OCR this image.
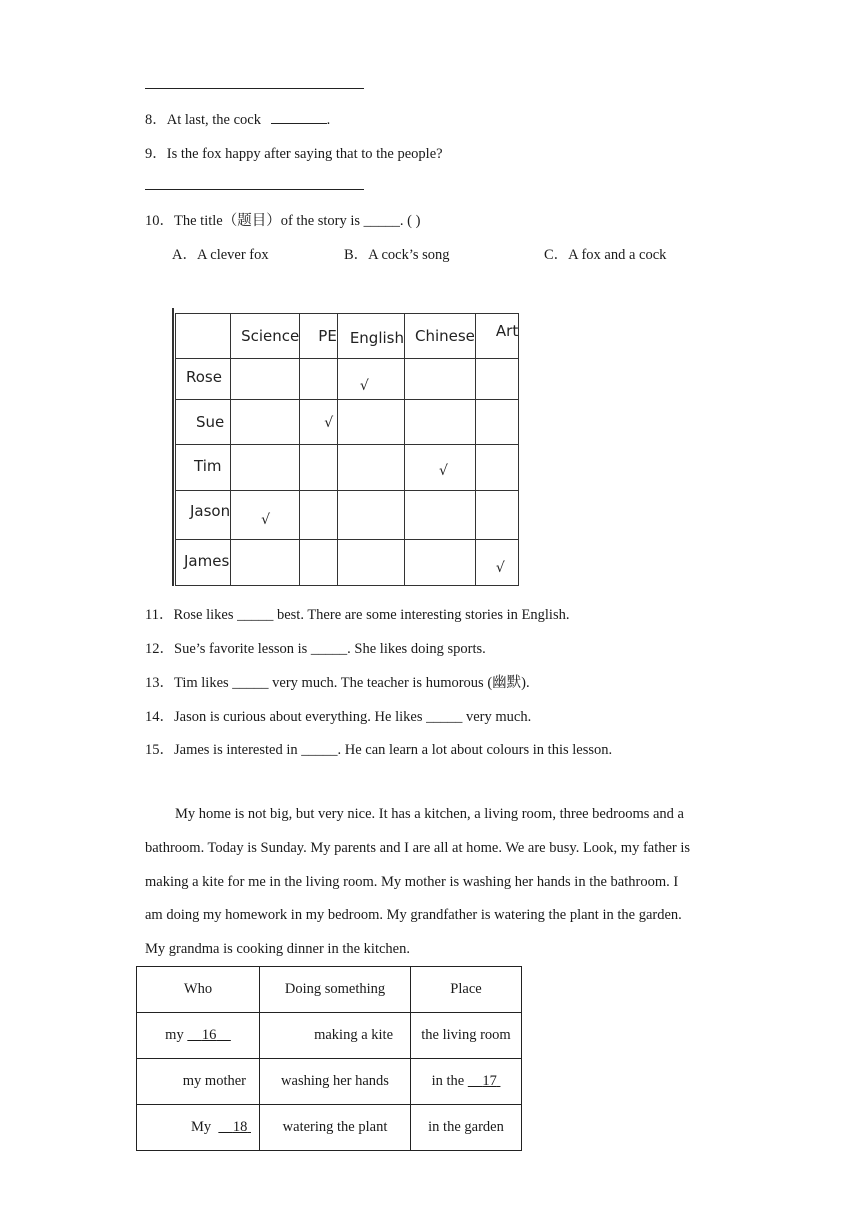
8．At last, the cock	.
9．Is the fox happy after saying that to the people?
10．The title（题目）of the story is _____. ( )
A．A clever fox	B．A cock’s song	C．A fox and a cock
	Science	PE	English	Chinese	Art
Rose			√		
Sue		√			
Tim				√	
Jason	√				
James					√
11．Rose likes _____ best. There are some interesting stories in English.
12．Sue’s favorite lesson is _____. She likes doing sports.
13．Tim likes _____ very much. The teacher is humorous (幽默).
14．Jason is curious about everything. He likes _____ very much.
15．James is interested in _____. He can learn a lot about colours in this lesson.
My home is not big, but very nice. It has a kitchen, a living room, three bedrooms and a
bathroom. Today is Sunday. My parents and I are all at home. We are busy. Look, my father is
making a kite for me in the living room. My mother is washing her hands in the bathroom. I
am doing my homework in my bedroom. My grandfather is watering the plant in the garden.
My grandma is cooking dinner in the kitchen.
Who	Doing something	Place
my 16	making a kite	the living room
my mother	washing her hands	in the 17
My 18	watering the plant	in the garden
